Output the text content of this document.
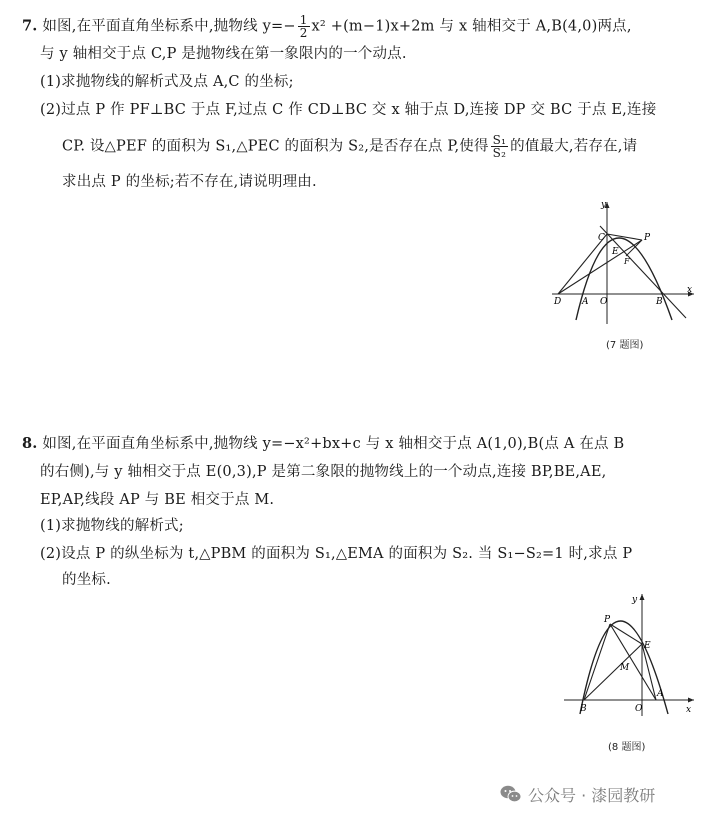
7. 如图,在平面直角坐标系中,抛物线 $y=- \frac{1}{2} x^2 +(m-1)x+2m$ 与 x 轴相交于 A,B(4,0)两点,
与 y 轴相交于点 C,P 是抛物线在第一象限内的一个动点.
(1)求抛物线的解析式及点 A,C 的坐标;
(2)过点 P 作 PF⊥BC 于点 F,过点 C 作 CD⊥BC 交 x 轴于点 D,连接 DP 交 BC 于点 E,连接
CP. 设△PEF 的面积为 S₁,△PEC 的面积为 S₂,是否存在点 P,使得 $\frac{\text{S₁}}{\text{S₂}}$ 的值最大,若存在,请
求出点 P 的坐标;若不存在,请说明理由.
y
x
C	P
E
F
D A O	B
(7 题图)
8. 如图,在平面直角坐标系中,抛物线 y=−x²+bx+c 与 x 轴相交于点 A(1,0),B(点 A 在点 B
的右侧),与 y 轴相交于点 E(0,3),P 是第二象限的抛物线上的一个动点,连接 BP,BE,AE,
EP,AP,线段 AP 与 BE 相交于点 M.
(1)求抛物线的解析式;
(2)设点 P 的纵坐标为 t,△PBM 的面积为 S₁,△EMA 的面积为 S₂. 当 S₁−S₂=1 时,求点 P
的坐标.
y
x
P
E
M
B	O
A
(8 题图)
公众号 · 漆园教研
